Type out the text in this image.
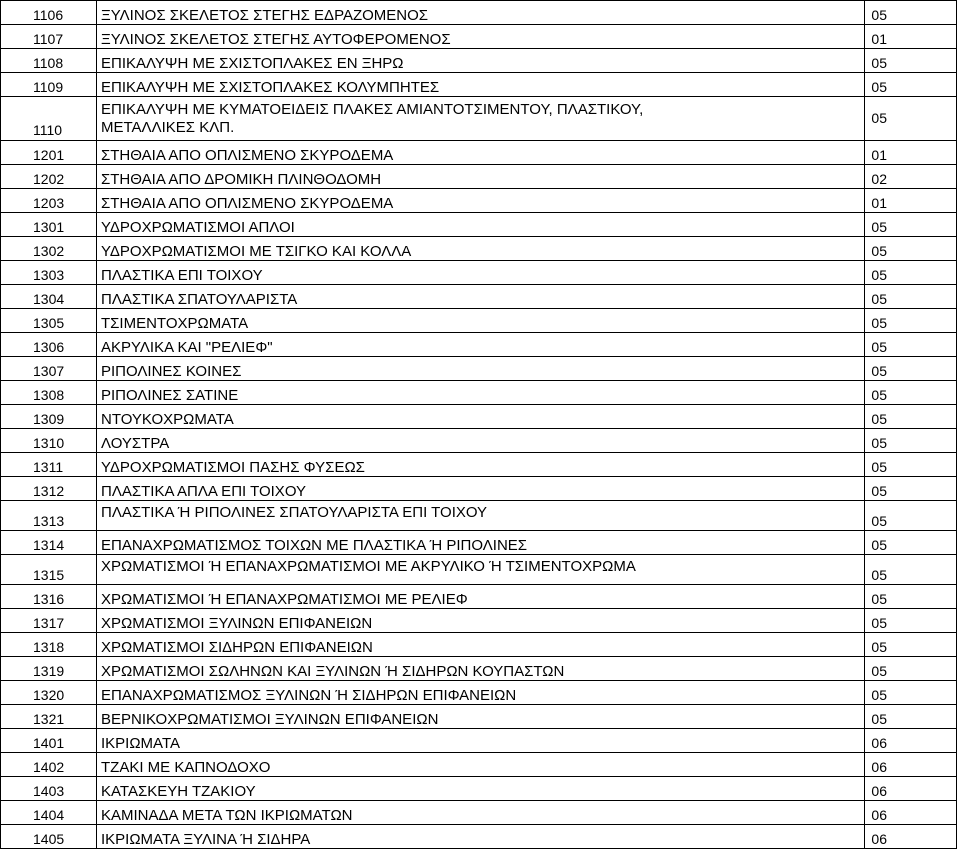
1106	ΞΥΛΙΝΟΣ ΣΚΕΛΕΤΟΣ ΣΤΕΓΗΣ ΕΔΡΑΖΟΜΕΝΟΣ	05
1107	ΞΥΛΙΝΟΣ ΣΚΕΛΕΤΟΣ ΣΤΕΓΗΣ ΑΥΤΟΦΕΡΟΜΕΝΟΣ	01
1108	ΕΠΙΚΑΛΥΨΗ ΜΕ ΣΧΙΣΤΟΠΛΑΚΕΣ ΕΝ ΞΗΡΩ	05
1109	ΕΠΙΚΑΛΥΨΗ ΜΕ ΣΧΙΣΤΟΠΛΑΚΕΣ ΚΟΛΥΜΠΗΤΕΣ	05
1110	ΕΠΙΚΑΛΥΨΗ ΜΕ ΚΥΜΑΤΟΕΙΔΕΙΣ ΠΛΑΚΕΣ ΑΜΙΑΝΤΟΤΣΙΜΕΝΤΟΥ, ΠΛΑΣΤΙΚΟΥ,
ΜΕΤΑΛΛΙΚΕΣ ΚΛΠ.	05
1201	ΣΤΗΘΑΙΑ ΑΠΟ ΟΠΛΙΣΜΕΝΟ ΣΚΥΡΟΔΕΜΑ	01
1202	ΣΤΗΘΑΙΑ ΑΠΟ ΔΡΟΜΙΚΗ ΠΛΙΝΘΟΔΟΜΗ	02
1203	ΣΤΗΘΑΙΑ ΑΠΟ ΟΠΛΙΣΜΕΝΟ ΣΚΥΡΟΔΕΜΑ	01
1301	ΥΔΡΟΧΡΩΜΑΤΙΣΜΟΙ ΑΠΛΟΙ	05
1302	ΥΔΡΟΧΡΩΜΑΤΙΣΜΟΙ ΜΕ ΤΣΙΓΚΟ ΚΑΙ ΚΟΛΛΑ	05
1303	ΠΛΑΣΤΙΚΑ ΕΠΙ ΤΟΙΧΟΥ	05
1304	ΠΛΑΣΤΙΚΑ ΣΠΑΤΟΥΛΑΡΙΣΤΑ	05
1305	ΤΣΙΜΕΝΤΟΧΡΩΜΑΤΑ	05
1306	ΑΚΡΥΛΙΚΑ ΚΑΙ "ΡΕΛΙΕΦ"	05
1307	ΡΙΠΟΛΙΝΕΣ ΚΟΙΝΕΣ	05
1308	ΡΙΠΟΛΙΝΕΣ ΣΑΤΙΝΕ	05
1309	ΝΤΟΥΚΟΧΡΩΜΑΤΑ	05
1310	ΛΟΥΣΤΡΑ	05
1311	ΥΔΡΟΧΡΩΜΑΤΙΣΜΟΙ ΠΑΣΗΣ ΦΥΣΕΩΣ	05
1312	ΠΛΑΣΤΙΚΑ ΑΠΛΑ ΕΠΙ ΤΟΙΧΟΥ	05
1313	ΠΛΑΣΤΙΚΑ Ή ΡΙΠΟΛΙΝΕΣ ΣΠΑΤΟΥΛΑΡΙΣΤΑ ΕΠΙ ΤΟΙΧΟΥ	05
1314	ΕΠΑΝΑΧΡΩΜΑΤΙΣΜΟΣ ΤΟΙΧΩΝ ΜΕ ΠΛΑΣΤΙΚΑ Ή ΡΙΠΟΛΙΝΕΣ	05
1315	ΧΡΩΜΑΤΙΣΜΟΙ Ή ΕΠΑΝΑΧΡΩΜΑΤΙΣΜΟΙ ΜΕ ΑΚΡΥΛΙΚΟ Ή ΤΣΙΜΕΝΤΟΧΡΩΜΑ	05
1316	ΧΡΩΜΑΤΙΣΜΟΙ Ή ΕΠΑΝΑΧΡΩΜΑΤΙΣΜΟΙ ΜΕ ΡΕΛΙΕΦ	05
1317	ΧΡΩΜΑΤΙΣΜΟΙ ΞΥΛΙΝΩΝ ΕΠΙΦΑΝΕΙΩΝ	05
1318	ΧΡΩΜΑΤΙΣΜΟΙ ΣΙΔΗΡΩΝ ΕΠΙΦΑΝΕΙΩΝ	05
1319	ΧΡΩΜΑΤΙΣΜΟΙ ΣΩΛΗΝΩΝ ΚΑΙ ΞΥΛΙΝΩΝ Ή ΣΙΔΗΡΩΝ ΚΟΥΠΑΣΤΩΝ	05
1320	ΕΠΑΝΑΧΡΩΜΑΤΙΣΜΟΣ ΞΥΛΙΝΩΝ Ή ΣΙΔΗΡΩΝ ΕΠΙΦΑΝΕΙΩΝ	05
1321	ΒΕΡΝΙΚΟΧΡΩΜΑΤΙΣΜΟΙ ΞΥΛΙΝΩΝ ΕΠΙΦΑΝΕΙΩΝ	05
1401	ΙΚΡΙΩΜΑΤΑ	06
1402	ΤΖΑΚΙ ΜΕ ΚΑΠΝΟΔΟΧΟ	06
1403	ΚΑΤΑΣΚΕΥΗ ΤΖΑΚΙΟΥ	06
1404	ΚΑΜΙΝΑΔΑ ΜΕΤΑ ΤΩΝ ΙΚΡΙΩΜΑΤΩΝ	06
1405	ΙΚΡΙΩΜΑΤΑ ΞΥΛΙΝΑ Ή ΣΙΔΗΡΑ	06
